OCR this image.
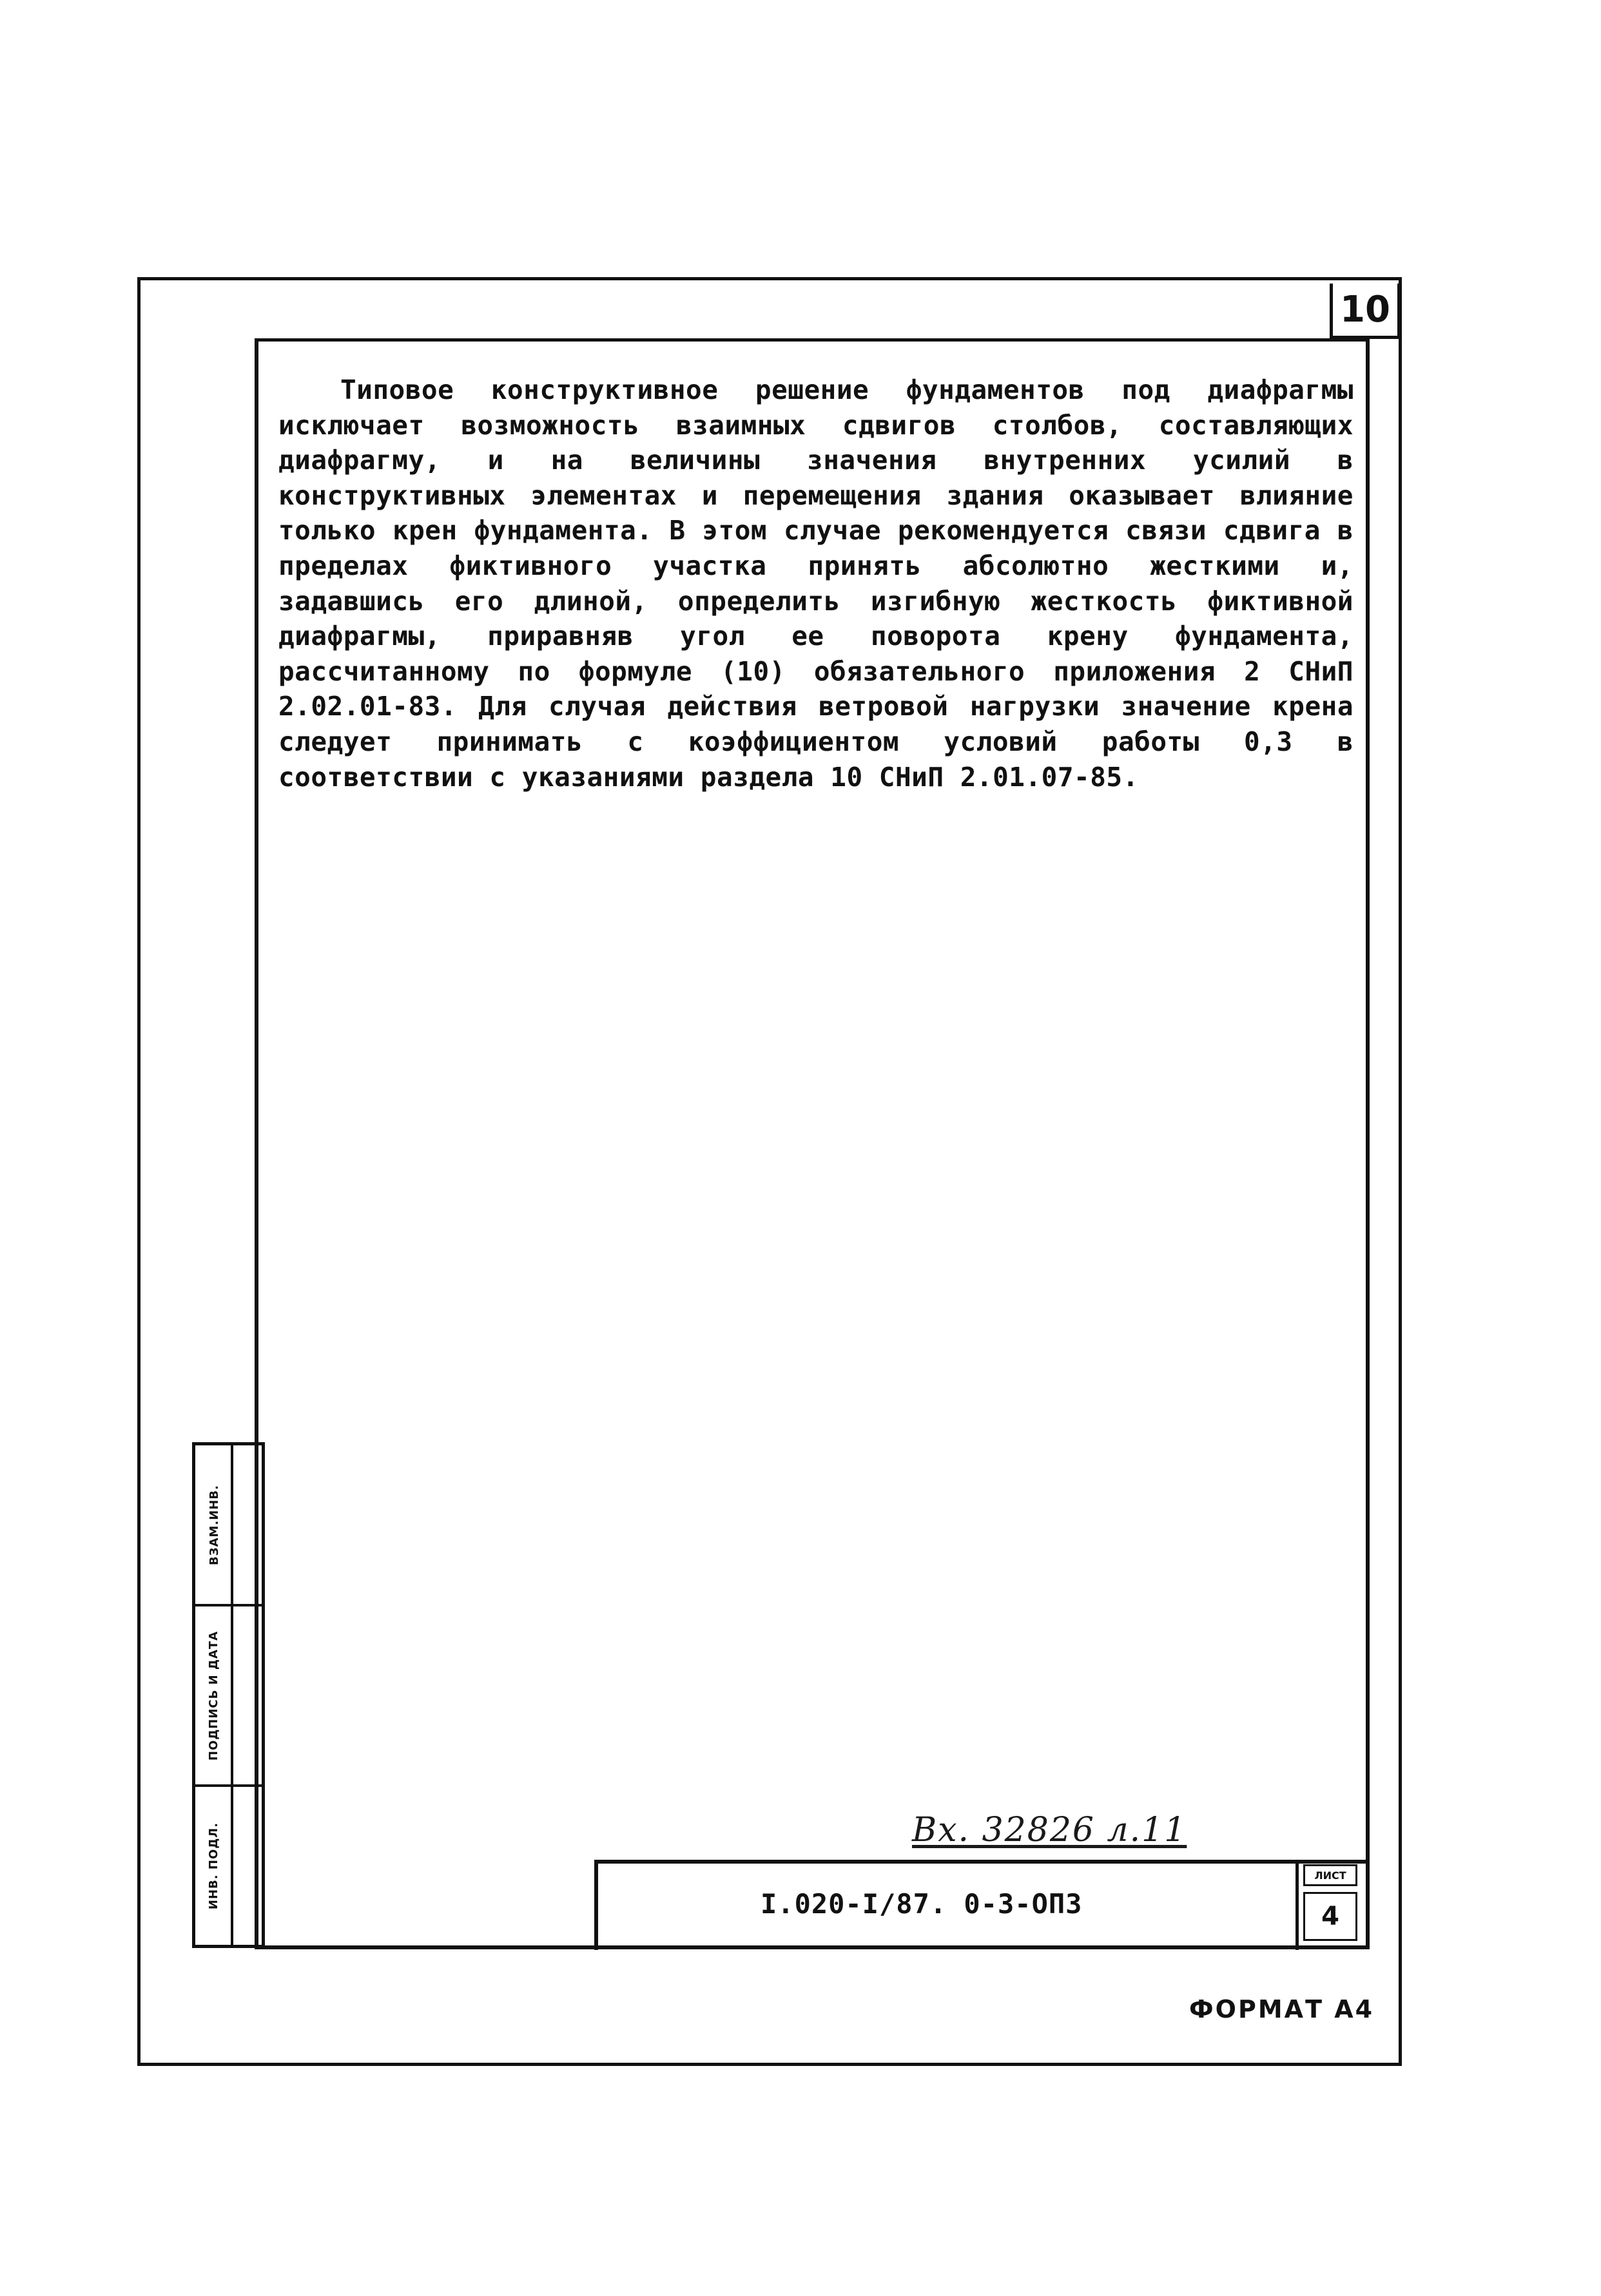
10

Типовое конструктивное решение фундаментов под диафрагмы исключает возможность взаимных сдвигов столбов, составляющих диафрагму, и на величины значения внутренних усилий в конструктивных элементах и перемещения здания оказывает влияние только крен фундамента. В этом случае рекомендуется связи сдвига в пределах фиктивного участка принять абсолютно жесткими и, задавшись его длиной, определить изгибную жесткость фиктивной диафрагмы, приравняв угол ее поворота крену фундамента, рассчитанному по формуле (10) обязательного приложения 2 СНиП 2.02.01-83. Для случая действия ветровой нагрузки значение крена следует принимать с коэффициентом условий работы 0,3 в соответствии с указаниями раздела 10 СНиП 2.01.07-85.

ВЗАМ.ИНВ.
ПОДПИСЬ И ДАТА
ИНВ. ПОДЛ.	Вх. 32826 л.11
I.020-I/87. 0-3-ОПЗ
ЛИСТ
4
ФОРМАТ А4
